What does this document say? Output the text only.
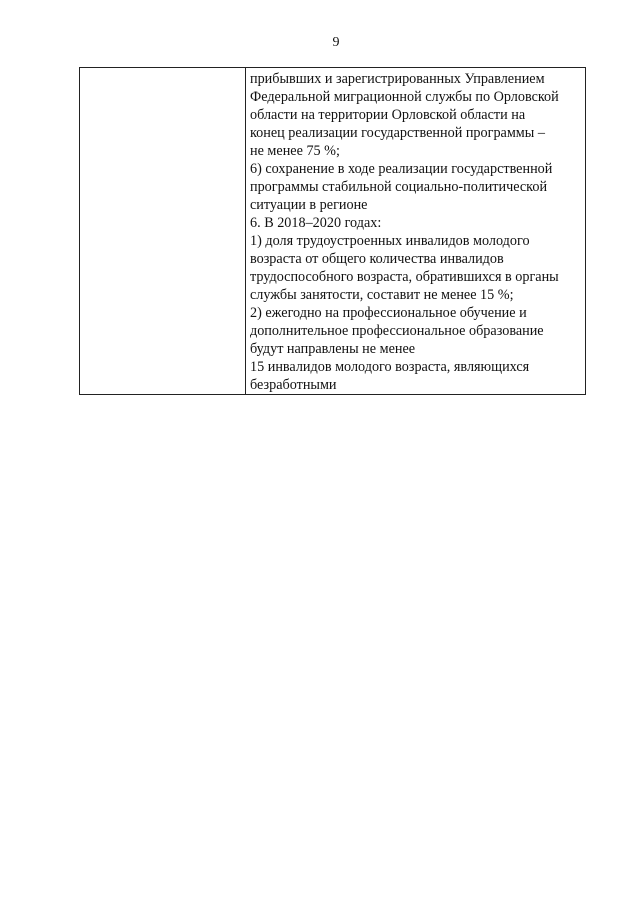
9

прибывших и зарегистрированных Управлением
Федеральной миграционной службы по Орловской
области на территории Орловской области на
конец реализации государственной программы –
не менее 75 %;
6) сохранение в ходе реализации государственной
программы стабильной социально-политической
ситуации в регионе
6. В 2018–2020 годах:
1) доля трудоустроенных инвалидов молодого
возраста от общего количества инвалидов
трудоспособного возраста, обратившихся в органы
службы занятости, составит не менее 15 %;
2) ежегодно на профессиональное обучение и
дополнительное профессиональное образование
будут направлены не менее
15 инвалидов молодого возраста, являющихся
безработными
